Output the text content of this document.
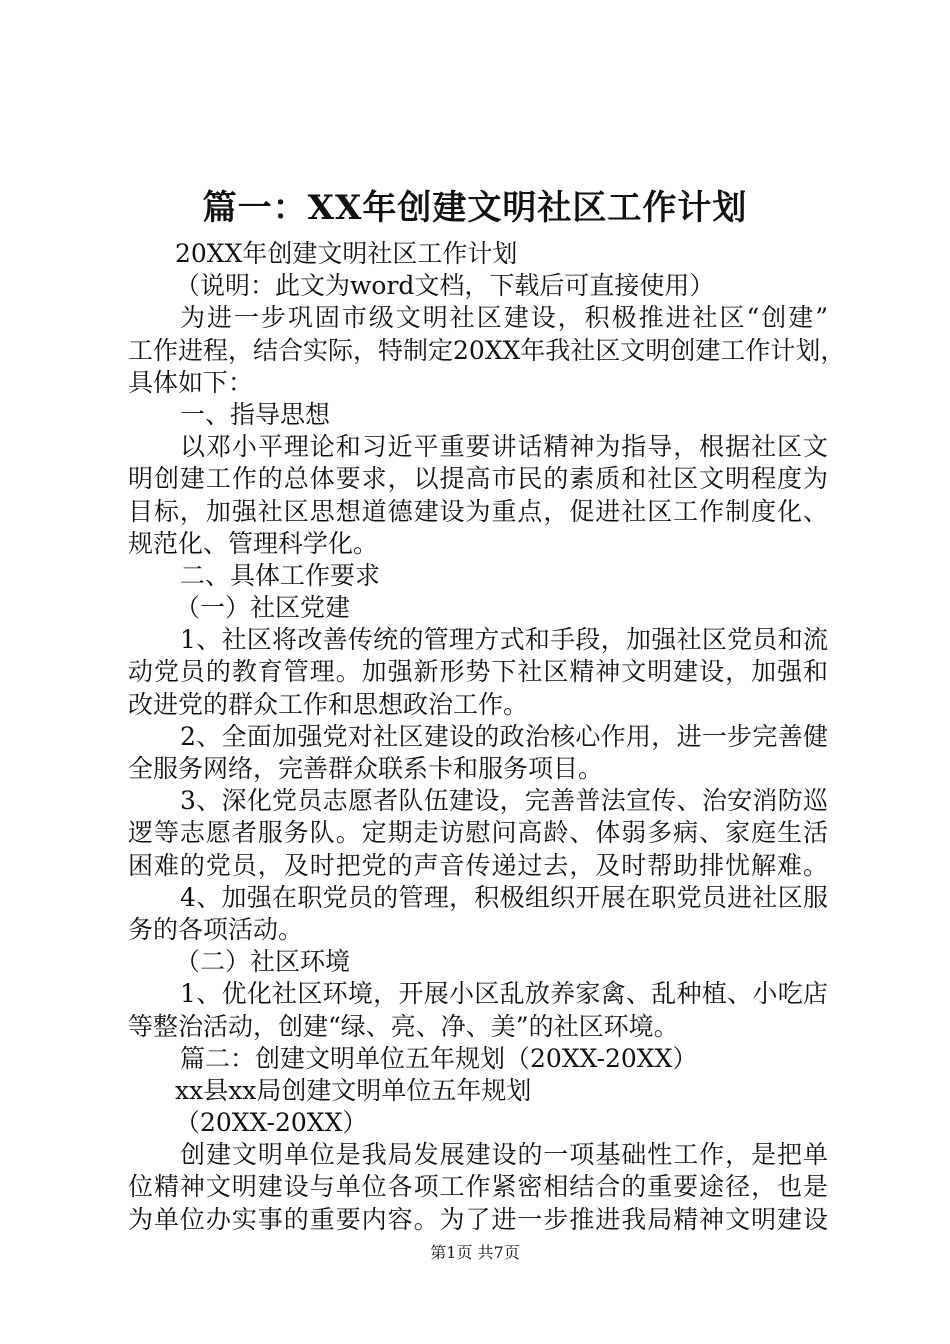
篇一：XX年创建文明社区工作计划
20XX年创建文明社区工作计划
（说明：此文为word文档，下载后可直接使用）
为进一步巩固市级文明社区建设，积极推进社区“创建”
工作进程，结合实际，特制定20XX年我社区文明创建工作计划，
具体如下：
一、指导思想
以邓小平理论和习近平重要讲话精神为指导，根据社区文
明创建工作的总体要求，以提高市民的素质和社区文明程度为
目标，加强社区思想道德建设为重点，促进社区工作制度化、
规范化、管理科学化。
二、具体工作要求
（一）社区党建
1、社区将改善传统的管理方式和手段，加强社区党员和流
动党员的教育管理。加强新形势下社区精神文明建设，加强和
改进党的群众工作和思想政治工作。
2、全面加强党对社区建设的政治核心作用，进一步完善健
全服务网络，完善群众联系卡和服务项目。
3、深化党员志愿者队伍建设，完善普法宣传、治安消防巡
逻等志愿者服务队。定期走访慰问高龄、体弱多病、家庭生活
困难的党员，及时把党的声音传递过去，及时帮助排忧解难。
4、加强在职党员的管理，积极组织开展在职党员进社区服
务的各项活动。
（二）社区环境
1、优化社区环境，开展小区乱放养家禽、乱种植、小吃店
等整治活动，创建“绿、亮、净、美”的社区环境。
篇二：创建文明单位五年规划（20XX-20XX）
xx县xx局创建文明单位五年规划
（20XX-20XX）
创建文明单位是我局发展建设的一项基础性工作，是把单
位精神文明建设与单位各项工作紧密相结合的重要途径，也是
为单位办实事的重要内容。为了进一步推进我局精神文明建设
第1页 共7页
